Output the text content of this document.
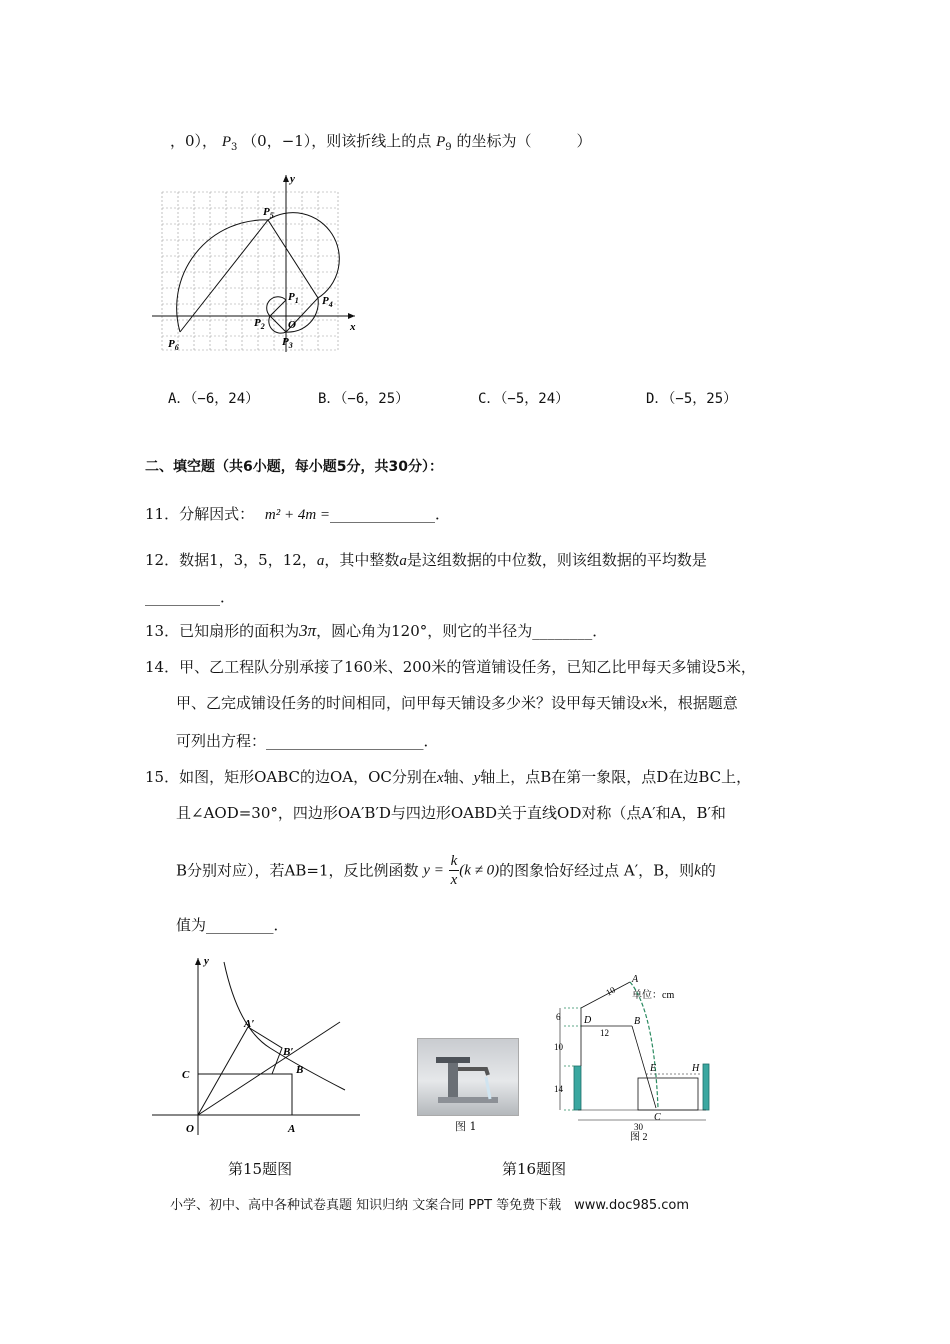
，0）， $P_3$ （0，−1），则该折线上的点 $P_9$ 的坐标为（　　　）
$P_1$
$P_2$
$P_3$
$P_4$
$P_5$
$P_6$
O	x
y
A．（−6，24）	B．（−6，25）	C．（−5，24）	D．（−5，25）
二、填空题（共6小题，每小题5分，共30分）：
11．分解因式： m² + 4m =______________．
12．数据1，3，5，12，a，其中整数a是这组数据的中位数，则该组数据的平均数是
__________．
13．已知扇形的面积为3π，圆心角为120°，则它的半径为________．
14．甲、乙工程队分别承接了160米、200米的管道铺设任务，已知乙比甲每天多铺设5米，
甲、乙完成铺设任务的时间相同，问甲每天铺设多少米？设甲每天铺设x米，根据题意
可列出方程：_____________________．
15．如图，矩形OABC的边OA，OC分别在x轴、y轴上，点B在第一象限，点D在边BC上，
且∠AOD=30°，四边形OA′B′D与四边形OABD关于直线OD对称（点A′和A，B′和
B分别对应），若AB=1，反比例函数 $y = \frac{k}{x} (k \ne 0)$的图象恰好经过点 A′，B，则k的
值为_________．
y
A′
B′
B
C
O	A	图 1
单位：cm
10
6
12
10
14
30
A
B
C
D
E	H
图 2
第15题图	第16题图
小学、初中、高中各种试卷真题 知识归纳 文案合同 PPT 等免费下载　www.doc985.com
